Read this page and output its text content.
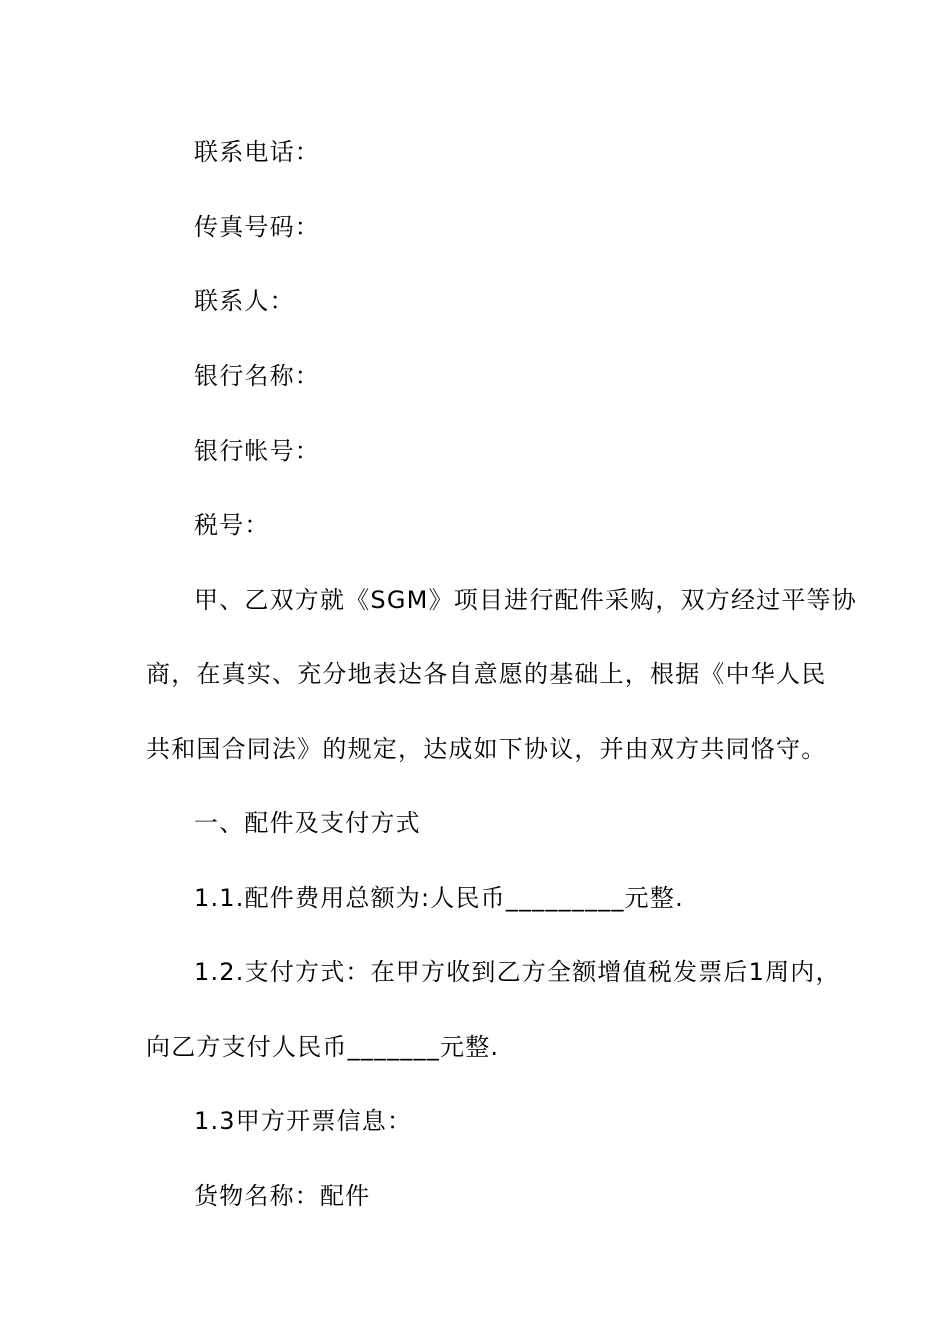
联系电话：
传真号码：
联系人：
银行名称：
银行帐号：
税号：
甲、乙双方就《SGM》项目进行配件采购，双方经过平等协
商，在真实、充分地表达各自意愿的基础上，根据《中华人民
共和国合同法》的规定，达成如下协议，并由双方共同恪守。
一、配件及支付方式
1.1.配件费用总额为:人民币_________元整.
1.2.支付方式：在甲方收到乙方全额增值税发票后1周内，
向乙方支付人民币_______元整.
1.3甲方开票信息：
货物名称：配件
